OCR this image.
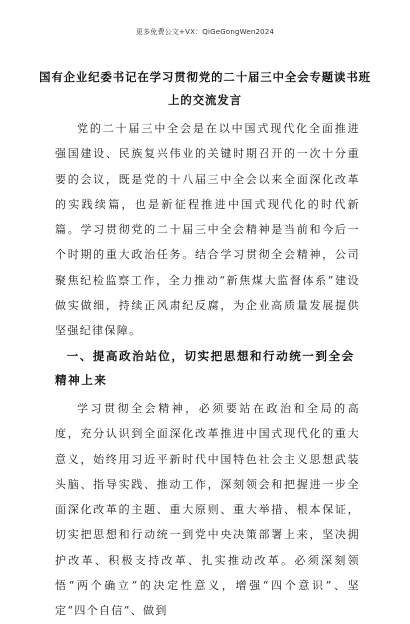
更多免费公文+VX：QiGeGongWen2024
国有企业纪委书记在学习贯彻党的二十届三中全会专题读书班上的交流发言
党的二十届三中全会是在以中国式现代化全面推进强国建设、民族复兴伟业的关键时期召开的一次十分重要的会议，既是党的十八届三中全会以来全面深化改革的实践续篇，也是新征程推进中国式现代化的时代新篇。学习贯彻党的二十届三中全会精神是当前和今后一个时期的重大政治任务。结合学习贯彻全会精神，公司聚焦纪检监察工作，全力推动“新焦煤大监督体系”建设做实做细，持续正风肃纪反腐，为企业高质量发展提供坚强纪律保障。
一、提高政治站位，切实把思想和行动统一到全会精神上来
学习贯彻全会精神，必须要站在政治和全局的高度，充分认识到全面深化改革推进中国式现代化的重大意义，始终用习近平新时代中国特色社会主义思想武装头脑、指导实践、推动工作，深刻领会和把握进一步全面深化改革的主题、重大原则、重大举措、根本保证，切实把思想和行动统一到党中央决策部署上来，坚决拥护改革、积极支持改革、扎实推动改革。必须深刻领悟“两个确立”的决定性意义，增强“四个意识”、坚定“四个自信”、做到
